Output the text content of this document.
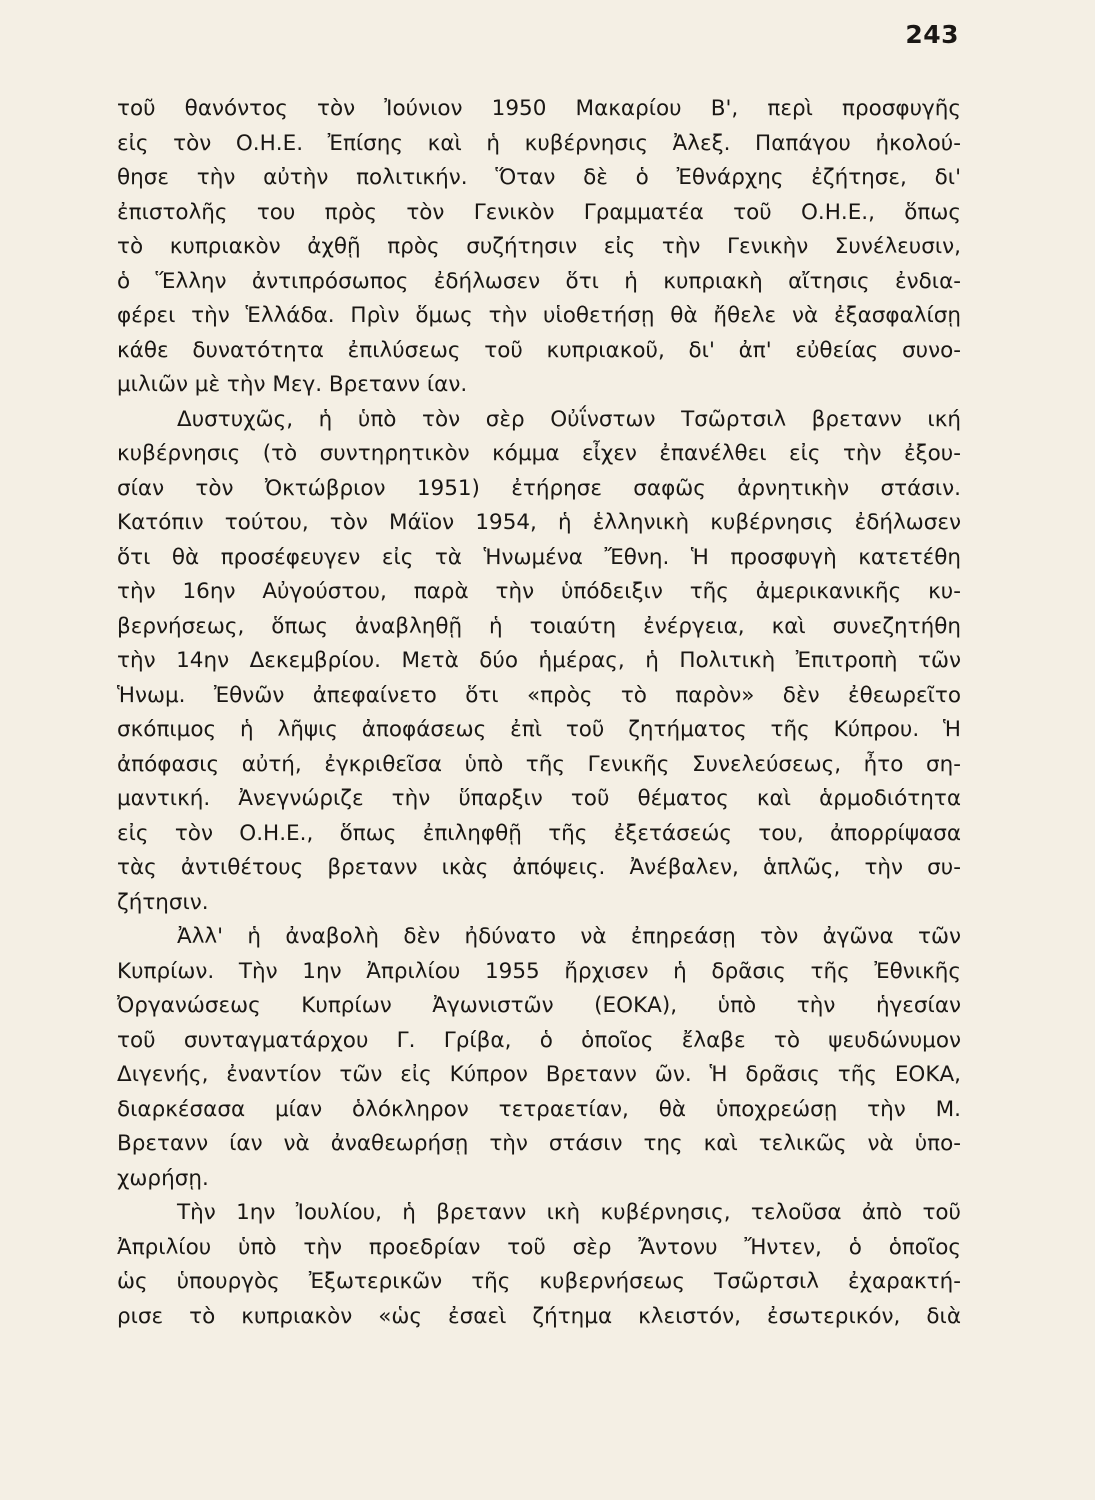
243
τοῦ θανόντος τὸν Ἰούνιον 1950 Μακαρίου Β', περὶ προσφυγῆς
εἰς τὸν Ο.Η.Ε. Ἐπίσης καὶ ἡ κυβέρνησις Ἀλεξ. Παπάγου ἠκολού-
θησε τὴν αὐτὴν πολιτικήν. Ὅταν δὲ ὁ Ἐθνάρχης ἐζήτησε, δι'
ἐπιστολῆς του πρὸς τὸν Γενικὸν Γραμματέα τοῦ Ο.Η.Ε., ὅπως
τὸ κυπριακὸν ἀχθῇ πρὸς συζήτησιν εἰς τὴν Γενικὴν Συνέλευσιν,
ὁ Ἕλλην ἀντιπρόσωπος ἐδήλωσεν ὅτι ἡ κυπριακὴ αἴτησις ἐνδια-
φέρει τὴν Ἑλλάδα. Πρὶν ὅμως τὴν υἱοθετήσῃ θὰ ἤθελε νὰ ἐξασφαλίσῃ
κάθε δυνατότητα ἐπιλύσεως τοῦ κυπριακοῦ, δι' ἀπ' εὐθείας συνο-
μιλιῶν μὲ τὴν Μεγ. Βρετανν ίαν.
Δυστυχῶς, ἡ ὑπὸ τὸν σὲρ Οὐΐνστων Τσῶρτσιλ βρετανν ική
κυβέρνησις (τὸ συντηρητικὸν κόμμα εἶχεν ἐπανέλθει εἰς τὴν ἐξου-
σίαν τὸν Ὀκτώβριον 1951) ἐτήρησε σαφῶς ἀρνητικὴν στάσιν.
Κατόπιν τούτου, τὸν Μάϊον 1954, ἡ ἑλληνικὴ κυβέρνησις ἐδήλωσεν
ὅτι θὰ προσέφευγεν εἰς τὰ Ἡνωμένα Ἔθνη. Ἡ προσφυγὴ κατετέθη
τὴν 16ην Αὐγούστου, παρὰ τὴν ὑπόδειξιν τῆς ἀμερικανικῆς κυ-
βερνήσεως, ὅπως ἀναβληθῇ ἡ τοιαύτη ἐνέργεια, καὶ συνεζητήθη
τὴν 14ην Δεκεμβρίου. Μετὰ δύο ἡμέρας, ἡ Πολιτικὴ Ἐπιτροπὴ τῶν
Ἡνωμ. Ἐθνῶν ἀπεφαίνετο ὅτι «πρὸς τὸ παρὸν» δὲν ἐθεωρεῖτο
σκόπιμος ἡ λῆψις ἀποφάσεως ἐπὶ τοῦ ζητήματος τῆς Κύπρου. Ἡ
ἀπόφασις αὐτή, ἐγκριθεῖσα ὑπὸ τῆς Γενικῆς Συνελεύσεως, ἦτο ση-
μαντική. Ἀνεγνώριζε τὴν ὕπαρξιν τοῦ θέματος καὶ ἁρμοδιότητα
εἰς τὸν Ο.Η.Ε., ὅπως ἐπιληφθῇ τῆς ἐξετάσεώς του, ἀπορρίψασα
τὰς ἀντιθέτους βρετανν ικὰς ἀπόψεις. Ἀνέβαλεν, ἁπλῶς, τὴν συ-
ζήτησιν.
Ἀλλ' ἡ ἀναβολὴ δὲν ἠδύνατο νὰ ἐπηρεάσῃ τὸν ἀγῶνα τῶν
Κυπρίων. Τὴν 1ην Ἀπριλίου 1955 ἤρχισεν ἡ δρᾶσις τῆς Ἐθνικῆς
Ὀργανώσεως Κυπρίων Ἀγωνιστῶν (ΕΟΚΑ), ὑπὸ τὴν ἡγεσίαν
τοῦ συνταγματάρχου Γ. Γρίβα, ὁ ὁποῖος ἔλαβε τὸ ψευδώνυμον
Διγενής, ἐναντίον τῶν εἰς Κύπρον Βρετανν ῶν. Ἡ δρᾶσις τῆς ΕΟΚΑ,
διαρκέσασα μίαν ὁλόκληρον τετραετίαν, θὰ ὑποχρεώσῃ τὴν Μ.
Βρετανν ίαν νὰ ἀναθεωρήσῃ τὴν στάσιν της καὶ τελικῶς νὰ ὑπο-
χωρήσῃ.
Τὴν 1ην Ἰουλίου, ἡ βρετανν ικὴ κυβέρνησις, τελοῦσα ἀπὸ τοῦ
Ἀπριλίου ὑπὸ τὴν προεδρίαν τοῦ σὲρ Ἄντονυ Ἤντεν, ὁ ὁποῖος
ὡς ὑπουργὸς Ἐξωτερικῶν τῆς κυβερνήσεως Τσῶρτσιλ ἐχαρακτή-
ρισε τὸ κυπριακὸν «ὡς ἐσαεὶ ζήτημα κλειστόν, ἐσωτερικόν, διὰ
